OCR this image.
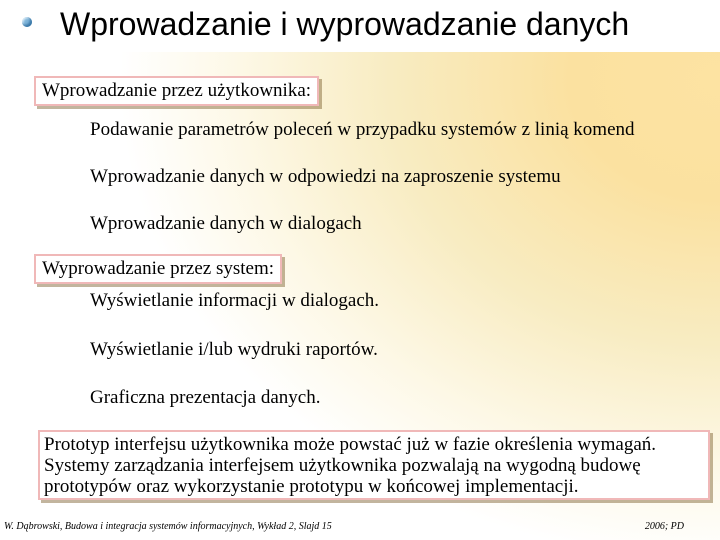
Wprowadzanie i wyprowadzanie danych
Wprowadzanie przez użytkownika:
Podawanie parametrów poleceń w przypadku systemów z linią komend
Wprowadzanie danych w odpowiedzi na zaproszenie systemu
Wprowadzanie danych w dialogach
Wyprowadzanie przez system:
Wyświetlanie informacji w dialogach.
Wyświetlanie i/lub wydruki raportów.
Graficzna prezentacja danych.
Prototyp interfejsu użytkownika może powstać już w fazie określenia wymagań.
Systemy zarządzania interfejsem użytkownika pozwalają na wygodną budowę
prototypów oraz wykorzystanie prototypu w końcowej implementacji.
W. Dąbrowski, Budowa i integracja systemów informacyjnych, Wykład 2, Slajd 15	2006; PD
